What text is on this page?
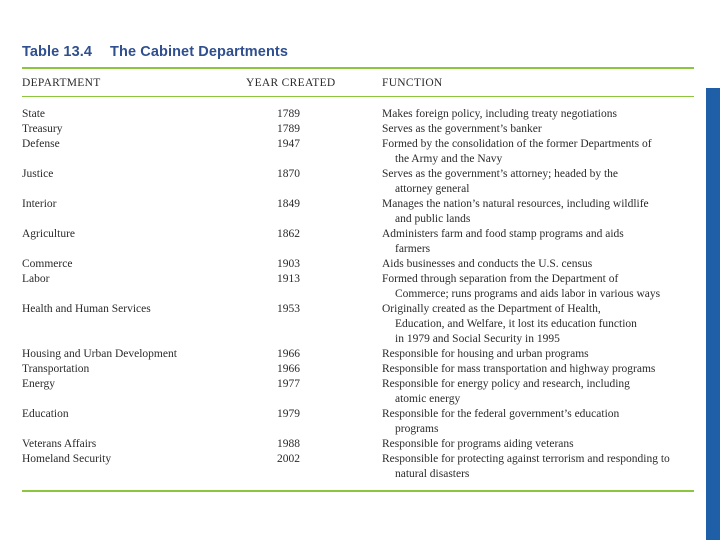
Table 13.4 The Cabinet Departments
DEPARTMENT	YEAR CREATED	FUNCTION
State	1789	Makes foreign policy, including treaty negotiations
Treasury	1789	Serves as the government’s banker
Defense	1947	Formed by the consolidation of the former Departments of

the Army and the Navy
Justice	1870	Serves as the government’s attorney; headed by the

attorney general
Interior	1849	Manages the nation’s natural resources, including wildlife

and public lands
Agriculture	1862	Administers farm and food stamp programs and aids

farmers
Commerce	1903	Aids businesses and conducts the U.S. census
Labor	1913	Formed through separation from the Department of

Commerce; runs programs and aids labor in various ways
Health and Human Services	1953	Originally created as the Department of Health,

Education, and Welfare, it lost its education function
in 1979 and Social Security in 1995
Housing and Urban Development	1966	Responsible for housing and urban programs
Transportation	1966	Responsible for mass transportation and highway programs
Energy	1977	Responsible for energy policy and research, including

atomic energy
Education	1979	Responsible for the federal government’s education

programs
Veterans Affairs	1988	Responsible for programs aiding veterans
Homeland Security	2002	Responsible for protecting against terrorism and responding to

natural disasters
